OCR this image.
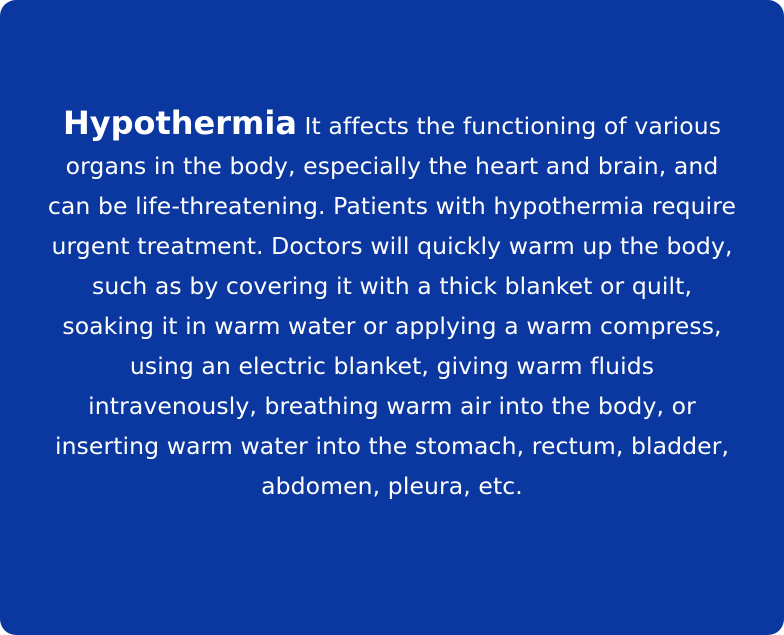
Hypothermia It affects the functioning of various organs in the body, especially the heart and brain, and can be life-threatening. Patients with hypothermia require urgent treatment. Doctors will quickly warm up the body, such as by covering it with a thick blanket or quilt, soaking it in warm water or applying a warm compress, using an electric blanket, giving warm fluids intravenously, breathing warm air into the body, or inserting warm water into the stomach, rectum, bladder, abdomen, pleura, etc.
